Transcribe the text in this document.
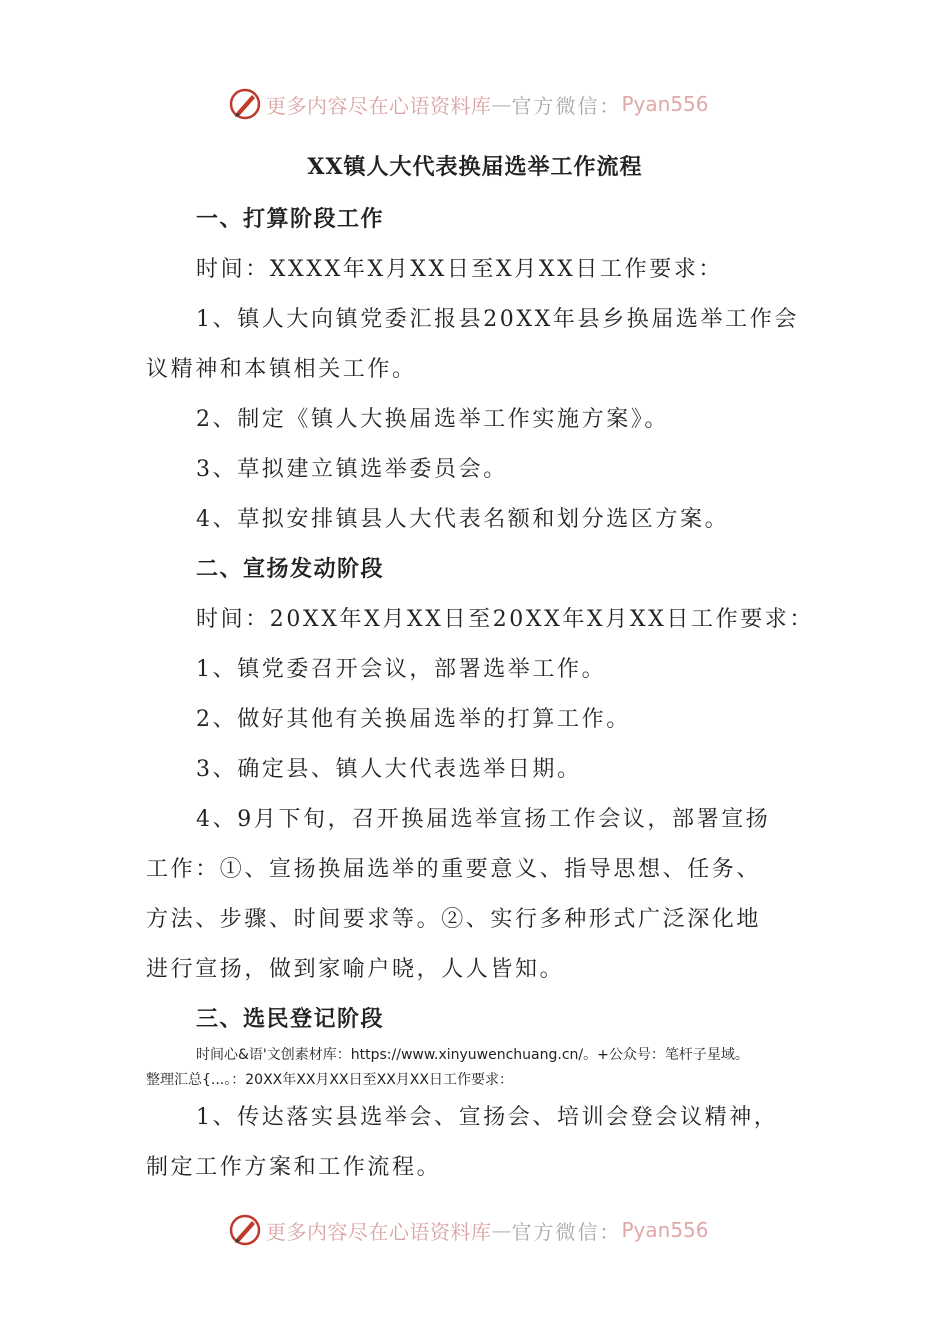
更多内容尽在心语资料库 — 官方微信： Pyan556
XX镇人大代表换届选举工作流程
一、打算阶段工作
时间：XXXX年X月XX日至X月XX日工作要求：
1、镇人大向镇党委汇报县20XX年县乡换届选举工作会
议精神和本镇相关工作。
2、制定《镇人大换届选举工作实施方案》。
3、草拟建立镇选举委员会。
4、草拟安排镇县人大代表名额和划分选区方案。
二、宣扬发动阶段
时间：20XX年X月XX日至20XX年X月XX日工作要求：
1、镇党委召开会议，部署选举工作。
2、做好其他有关换届选举的打算工作。
3、确定县、镇人大代表选举日期。
4、9月下旬，召开换届选举宣扬工作会议，部署宣扬
工作：①、宣扬换届选举的重要意义、指导思想、任务、
方法、步骤、时间要求等。②、实行多种形式广泛深化地
进行宣扬，做到家喻户晓，人人皆知。
三、选民登记阶段
时间心&语'文创素材库：https://www.xinyuwenchuang.cn/。+公众号：笔杆子星域。
整理汇总{...。：20XX年XX月XX日至XX月XX日工作要求：
1、传达落实县选举会、宣扬会、培训会登会议精神，
制定工作方案和工作流程。
更多内容尽在心语资料库 — 官方微信： Pyan556
